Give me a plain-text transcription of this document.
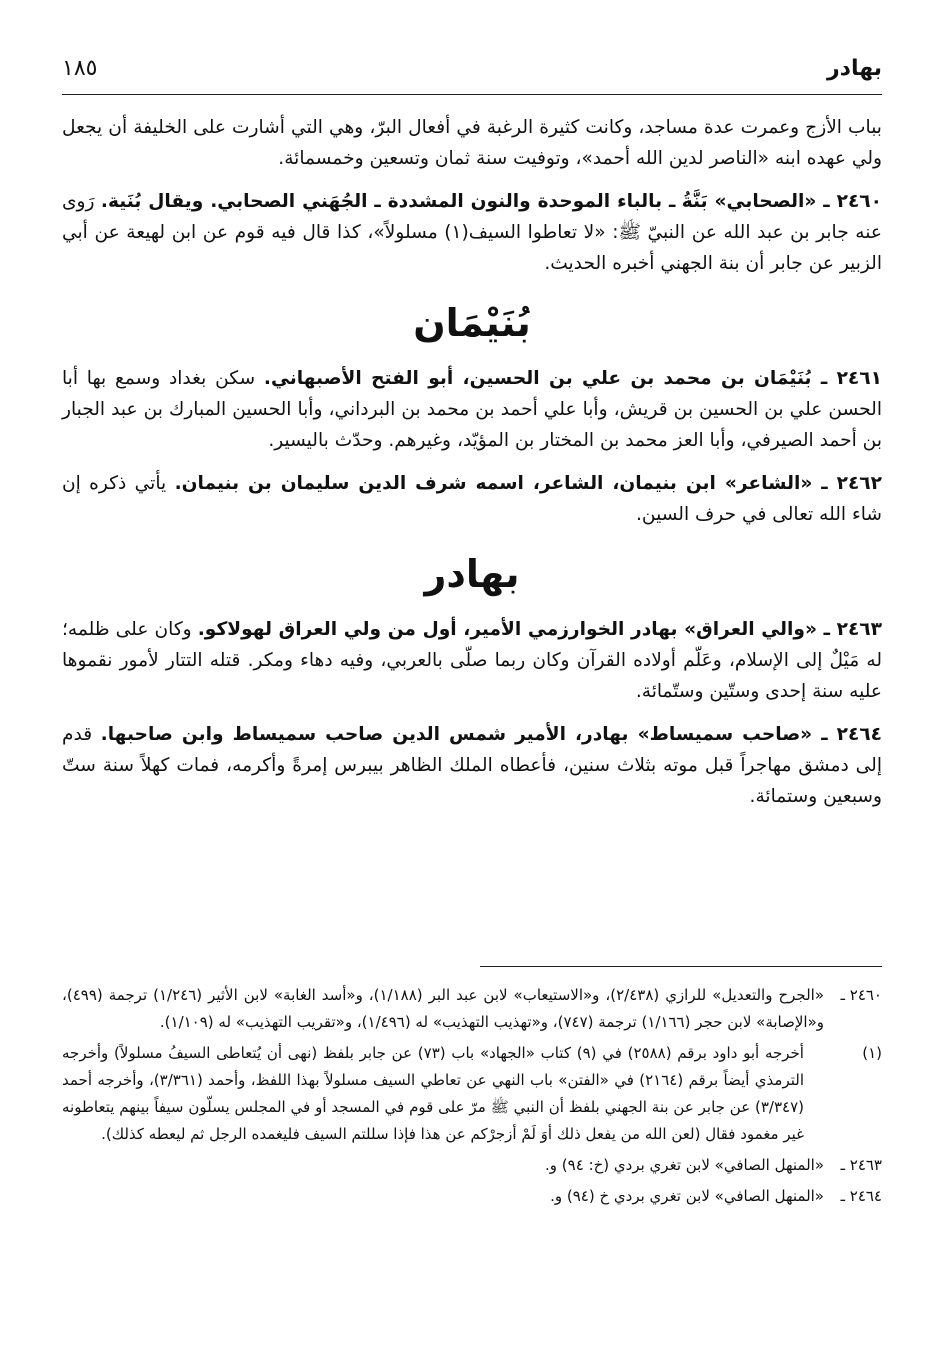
بهادر
١٨٥

بباب الأزج وعمرت عدة مساجد، وكانت كثيرة الرغبة في أفعال البرّ، وهي التي أشارت على الخليفة أن يجعل ولي عهده ابنه «الناصر لدين الله أحمد»، وتوفيت سنة ثمان وتسعين وخمسمائة.

٢٤٦٠ ـ «الصحابي» بَنَّةُ ـ بالباء الموحدة والنون المشددة ـ الجُهَني الصحابي. ويقال بُنَية. رَوى عنه جابر بن عبد الله عن النبيّ ﷺ: «لا تعاطوا السيف(١) مسلولاً»، كذا قال فيه قوم عن ابن لهيعة عن أبي الزبير عن جابر أن بنة الجهني أخبره الحديث.

بُنَيْمَان

٢٤٦١ ـ بُنَيْمَان بن محمد بن علي بن الحسين، أبو الفتح الأصبهاني. سكن بغداد وسمع بها أبا الحسن علي بن الحسين بن قريش، وأبا علي أحمد بن محمد بن البرداني، وأبا الحسين المبارك بن عبد الجبار بن أحمد الصيرفي، وأبا العز محمد بن المختار بن المؤيّد، وغيرهم. وحدّث باليسير.

٢٤٦٢ ـ «الشاعر» ابن بنيمان، الشاعر، اسمه شرف الدين سليمان بن بنيمان. يأتي ذكره إن شاء الله تعالى في حرف السين.

بهادر

٢٤٦٣ ـ «والي العراق» بهادر الخوارزمي الأمير، أول من ولي العراق لهولاكو. وكان على ظلمه؛ له مَيْلٌ إلى الإسلام، وعَلّم أولاده القرآن وكان ربما صلّى بالعربي، وفيه دهاء ومكر. قتله التتار لأمور نقموها عليه سنة إحدى وستّين وستّمائة.

٢٤٦٤ ـ «صاحب سميساط» بهادر، الأمير شمس الدين صاحب سميساط وابن صاحبها. قدم إلى دمشق مهاجراً قبل موته بثلاث سنين، فأعطاه الملك الظاهر بيبرس إمرةً وأكرمه، فمات كهلاً سنة ستّ وسبعين وستمائة.

٢٤٦٠ ـ
«الجرح والتعديل» للرازي (٢/٤٣٨)، و«الاستيعاب» لابن عبد البر (١/١٨٨)، و«أسد الغابة» لابن الأثير (١/٢٤٦) ترجمة (٤٩٩)، و«الإصابة» لابن حجر (١/١٦٦) ترجمة (٧٤٧)، و«تهذيب التهذيب» له (١/٤٩٦)، و«تقريب التهذيب» له (١/١٠٩).
(١)
أخرجه أبو داود برقم (٢٥٨٨) في (٩) كتاب «الجهاد» باب (٧٣) عن جابر بلفظ (نهى أن يُتعاطى السيفُ مسلولاً) وأخرجه الترمذي أيضاً برقم (٢١٦٤) في «الفتن» باب النهي عن تعاطي السيف مسلولاً بهذا اللفظ، وأحمد (٣/٣٦١)، وأخرجه أحمد (٣/٣٤٧) عن جابر عن بنة الجهني بلفظ أن النبي ﷺ مرّ على قوم في المسجد أو في المجلس يسلّون سيفاً بينهم يتعاطونه غير مغمود فقال (لعن الله من يفعل ذلك أوَ لَمْ أزجرْكم عن هذا فإذا سللتم السيف فليغمده الرجل ثم ليعطه كذلك).
٢٤٦٣ ـ
«المنهل الصافي» لابن تغري بردي (خ: ٩٤) و.
٢٤٦٤ ـ
«المنهل الصافي» لابن تغري بردي خ (٩٤) و.
